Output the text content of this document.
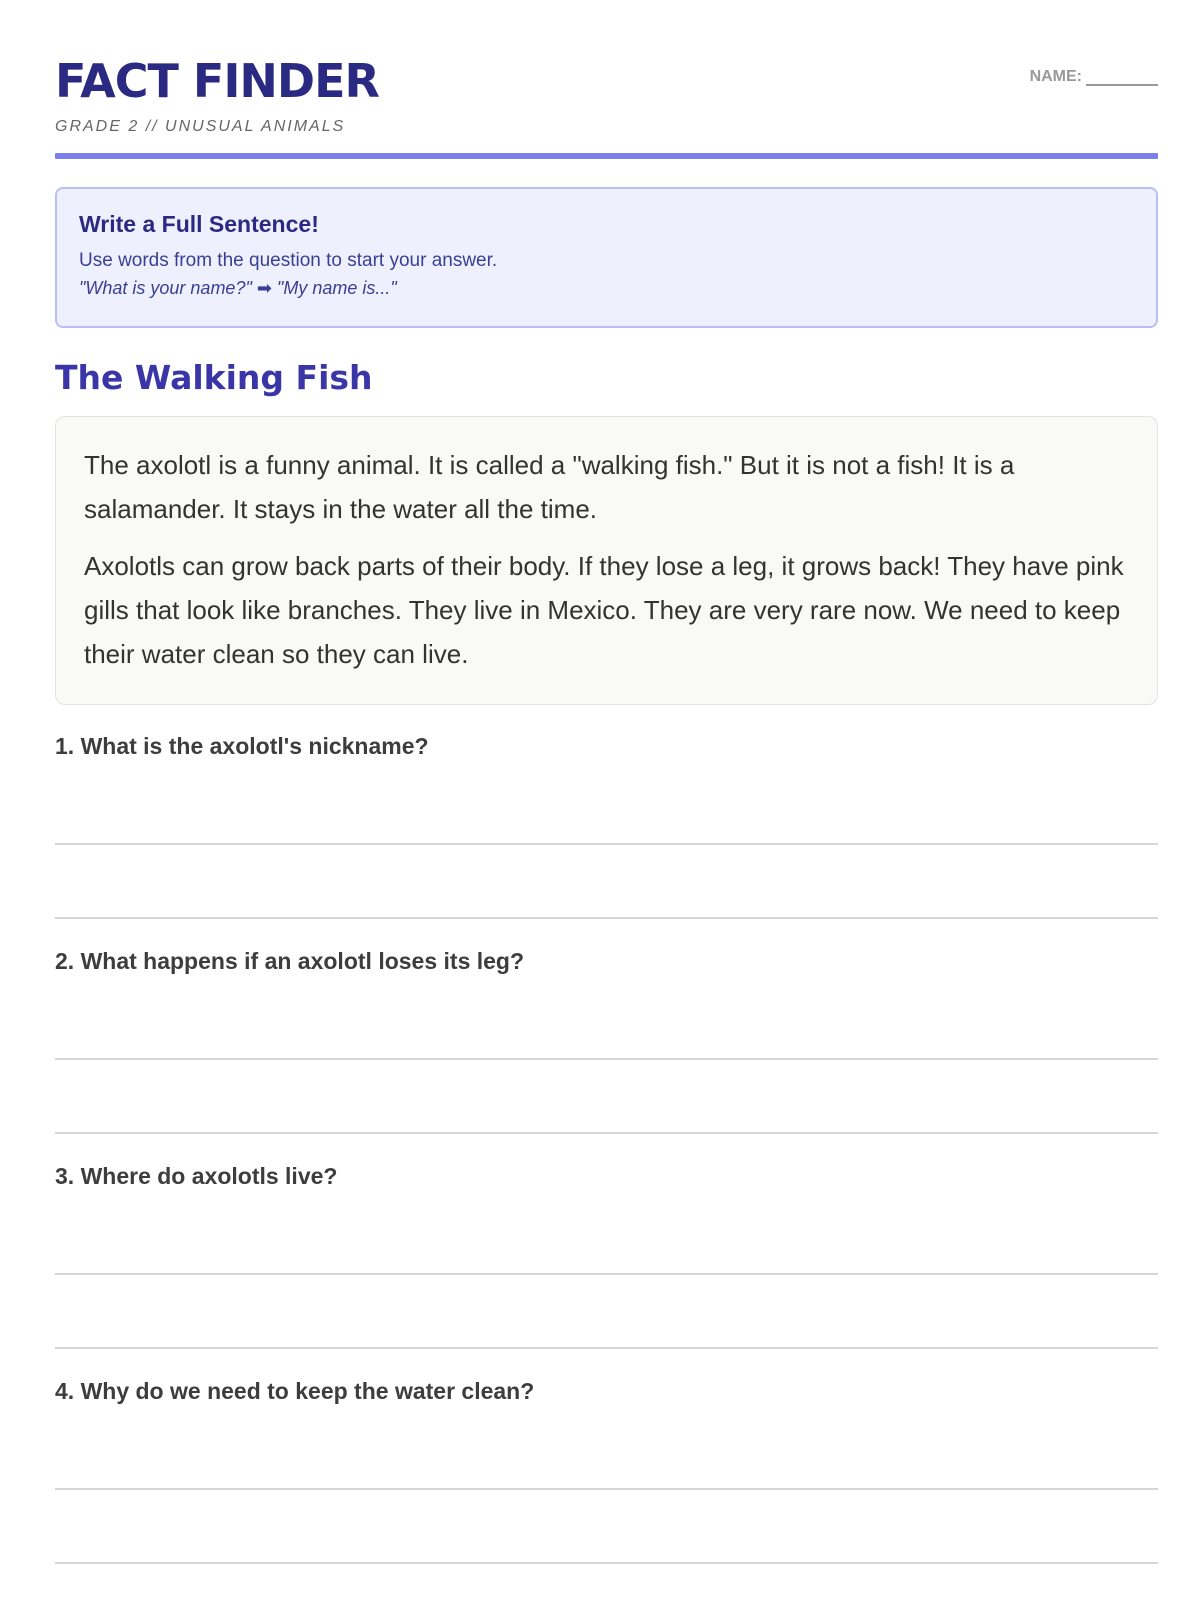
FACT FINDER
GRADE 2 // UNUSUAL ANIMALS
NAME:
Write a Full Sentence!
Use words from the question to start your answer.
"What is your name?" ➡ "My name is..."
The Walking Fish

The axolotl is a funny animal. It is called a "walking fish." But it is not a fish! It is a salamander. It stays in the water all the time.

Axolotls can grow back parts of their body. If they lose a leg, it grows back! They have pink gills that look like branches. They live in Mexico. They are very rare now. We need to keep their water clean so they can live.

1. What is the axolotl's nickname?
2. What happens if an axolotl loses its leg?
3. Where do axolotls live?
4. Why do we need to keep the water clean?
